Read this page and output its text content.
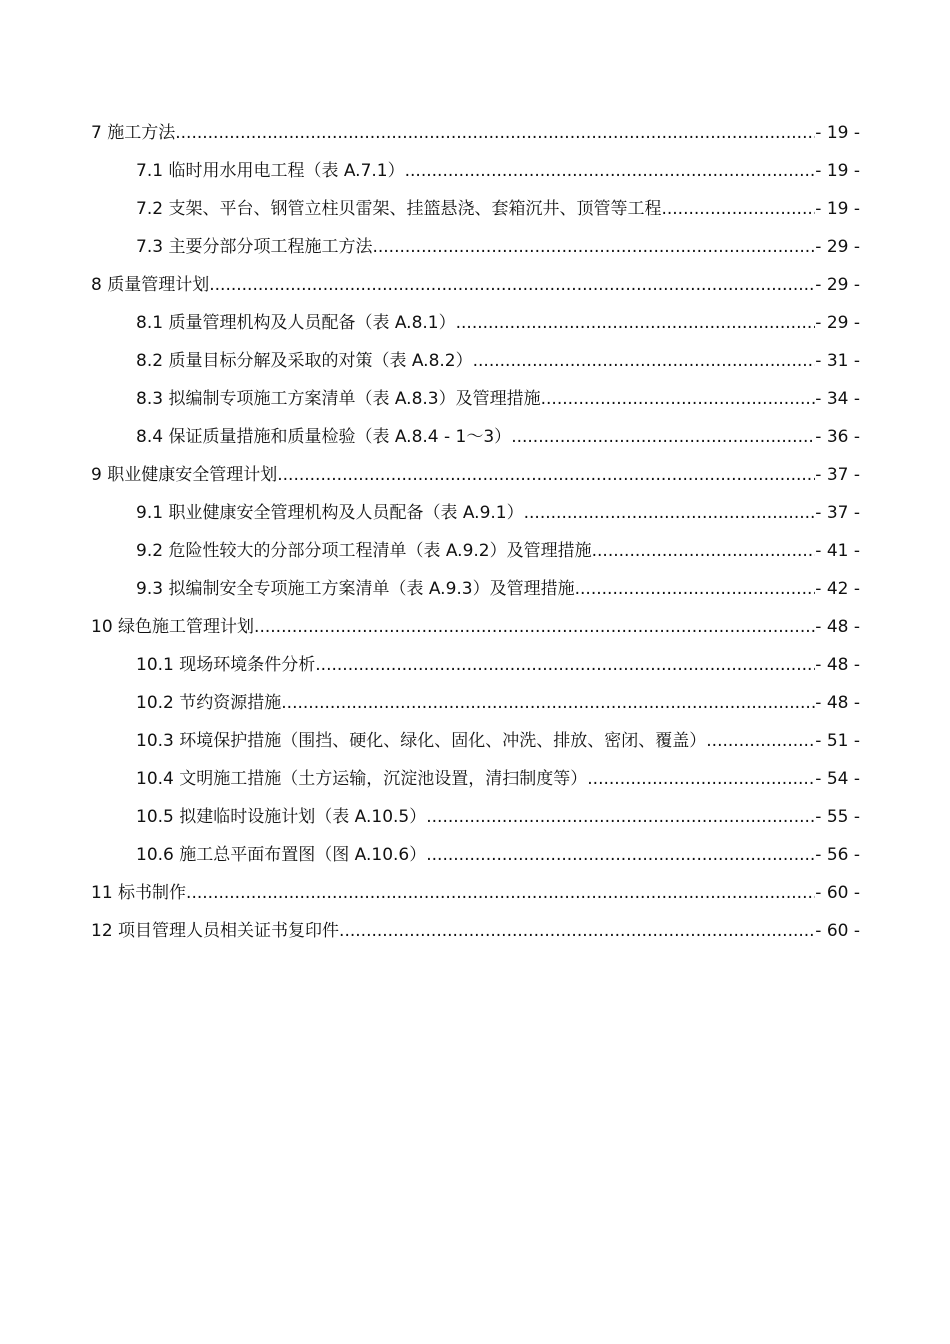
7 施工方法 .....	- 19 -
7.1 临时用水用电工程（表 A.7.1） .....	- 19 -
7.2 支架、平台、钢管立柱贝雷架、挂篮悬浇、套箱沉井、顶管等工程 .....	- 19 -
7.3 主要分部分项工程施工方法 .....	- 29 -
8 质量管理计划 .....	- 29 -
8.1 质量管理机构及人员配备（表 A.8.1） .....	- 29 -
8.2 质量目标分解及采取的对策（表 A.8.2） .....	- 31 -
8.3 拟编制专项施工方案清单（表 A.8.3）及管理措施 .....	- 34 -
8.4 保证质量措施和质量检验（表 A.8.4 - 1～3） .....	- 36 -
9 职业健康安全管理计划 .....	- 37 -
9.1 职业健康安全管理机构及人员配备（表 A.9.1） .....	- 37 -
9.2 危险性较大的分部分项工程清单（表 A.9.2）及管理措施 .....	- 41 -
9.3 拟编制安全专项施工方案清单（表 A.9.3）及管理措施 .....	- 42 -
10 绿色施工管理计划 .....	- 48 -
10.1 现场环境条件分析 .....	- 48 -
10.2 节约资源措施 .....	- 48 -
10.3 环境保护措施（围挡、硬化、绿化、固化、冲洗、排放、密闭、覆盖） .....	- 51 -
10.4 文明施工措施（土方运输，沉淀池设置，清扫制度等） .....	- 54 -
10.5 拟建临时设施计划（表 A.10.5） .....	- 55 -
10.6 施工总平面布置图（图 A.10.6） .....	- 56 -
11 标书制作 .....	- 60 -
12 项目管理人员相关证书复印件 .....	- 60 -
